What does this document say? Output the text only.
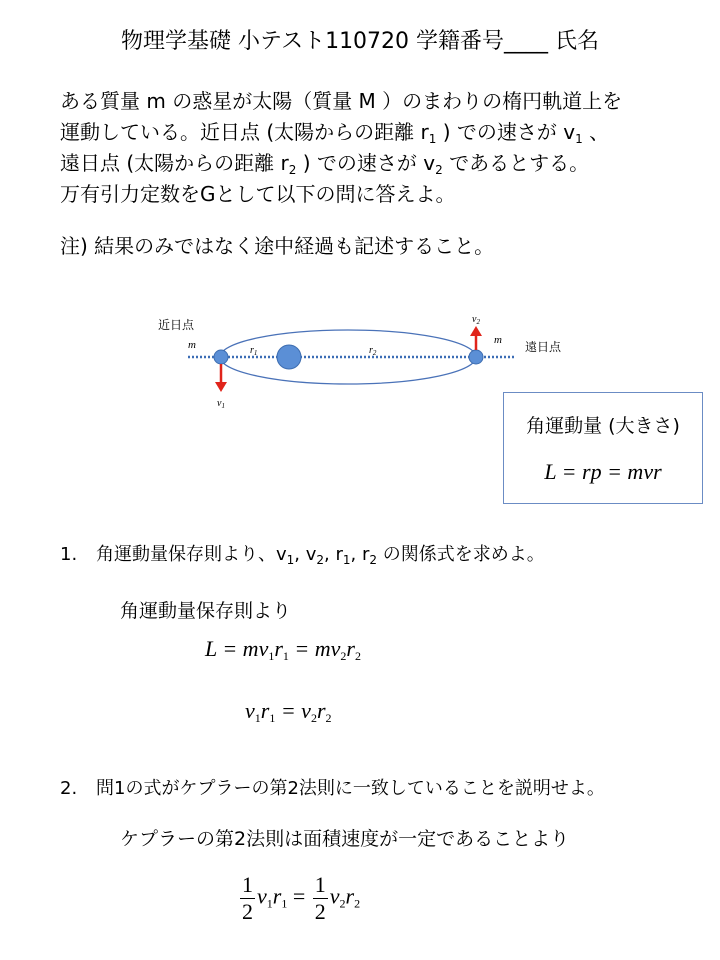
物理学基礎 小テスト110720 学籍番号____ 氏名
ある質量 m の惑星が太陽（質量 M ）のまわりの楕円軌道上を
運動している。近日点 (太陽からの距離 $r_1$ ) での速さが $v_1$ 、
遠日点 (太陽からの距離 $r_2$ ) での速さが $v_2$ であるとする。
万有引力定数をGとして以下の問に答えよ。
注) 結果のみではなく途中経過も記述すること。
近日点
遠日点
m	m
$r_1$	$r_2$
$v_1$
$v_2$
角運動量 (大きさ)
L = rp = mvr
1. 角運動量保存則より、$v_1$, $v_2$, $r_1$, $r_2$ の関係式を求めよ。
角運動量保存則より
$L = mv_1r_1 = mv_2r_2$
$v_1r_1 = v_2r_2$
2. 問1の式がケプラーの第2法則に一致していることを説明せよ。
ケプラーの第2法則は面積速度が一定であることより
$\frac{1}{2} v_1r_1 = \frac{1}{2} v_2r_2$
